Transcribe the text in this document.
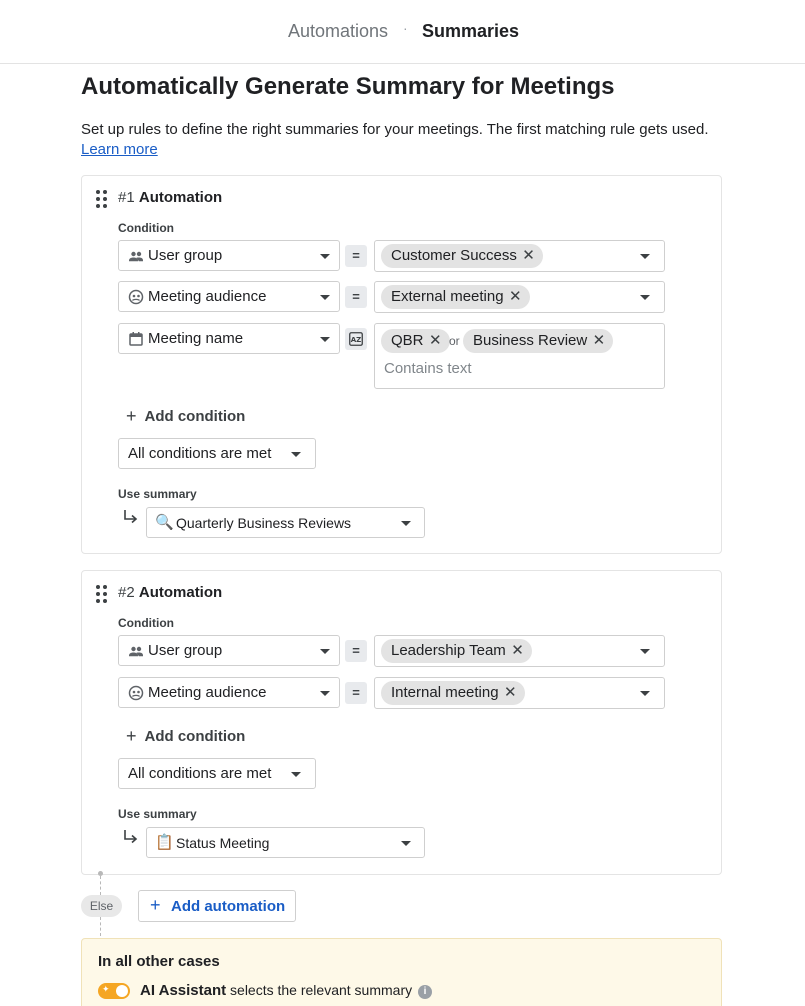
Automations · Summaries
Automatically Generate Summary for Meetings

Set up rules to define the right summaries for your meetings. The first matching rule gets used. Learn more

#1 Automation
Condition
User group	=	Customer Success ✕
Meeting audience	=	External meeting ✕
Meeting name	AZ	QBR ✕ or Business Review ✕
Contains text
+ Add condition
All conditions are met
Use summary
🔍 Quarterly Business Reviews
#2 Automation
Condition
User group	=	Leadership Team ✕
Meeting audience	=	Internal meeting ✕
+ Add condition
All conditions are met
Use summary
📋 Status Meeting
Else	+ Add automation
In all other cases
✦ AI Assistant selects the relevant summary	i
